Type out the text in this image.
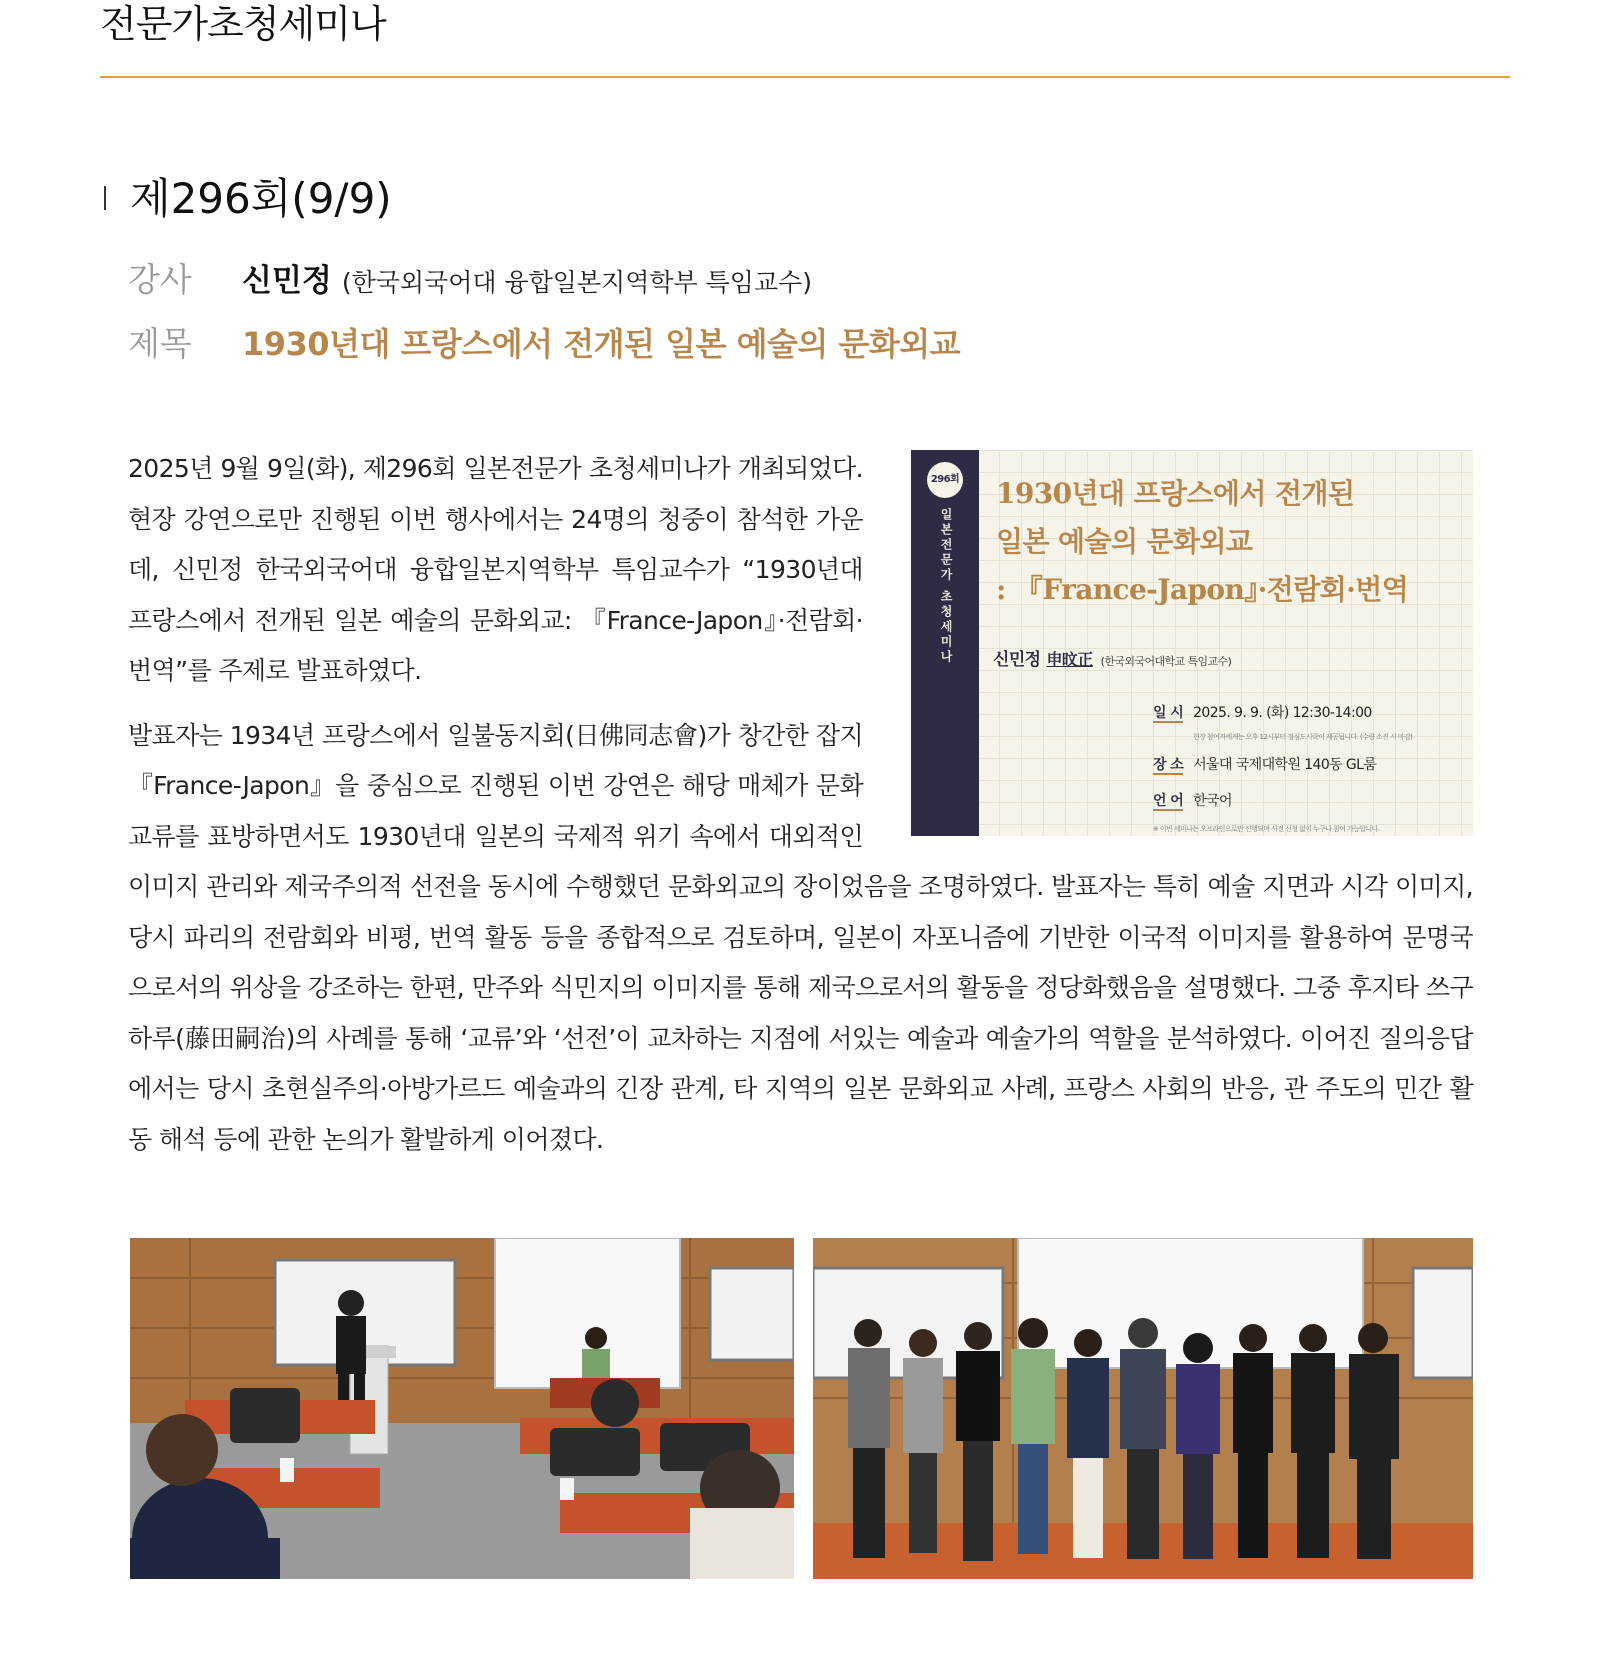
전문가초청세미나
제296회(9/9)
강사	신민정 (한국외국어대 융합일본지역학부 특임교수)
제목	1930년대 프랑스에서 전개된 일본 예술의 문화외교
296회
일본전문가 초청세미나
1930년대 프랑스에서 전개된
일본 예술의 문화외교
: 『France-Japon』·전람회·번역
신민정 申旼正 (한국외국어대학교 특임교수)
일 시 2025. 9. 9. (화) 12:30-14:00
현장 참여자에게는 오후 12시부터 점심도시락이 제공됩니다. (수량 소진 시 마감)
장 소 서울대 국제대학원 140동 GL룸
언 어 한국어
※ 이번 세미나는 오프라인으로만 진행되며 사전 신청 없이 누구나 참여 가능합니다.

2025년 9월 9일(화), 제296회 일본전문가 초청세미나가 개최되었다. 현장 강연으로만 진행된 이번 행사에서는 24명의 청중이 참석한 가운데, 신민정 한국외국어대 융합일본지역학부 특임교수가 “1930년대 프랑스에서 전개된 일본 예술의 문화외교: 『France-Japon』·전람회·번역”를 주제로 발표하였다.

발표자는 1934년 프랑스에서 일불동지회(日佛同志會)가 창간한 잡지 『France-Japon』을 중심으로 진행된 이번 강연은 해당 매체가 문화교류를 표방하면서도 1930년대 일본의 국제적 위기 속에서 대외적인 이미지 관리와 제국주의적 선전을 동시에 수행했던 문화외교의 장이었음을 조명하였다. 발표자는 특히 예술 지면과 시각 이미지, 당시 파리의 전람회와 비평, 번역 활동 등을 종합적으로 검토하며, 일본이 자포니즘에 기반한 이국적 이미지를 활용하여 문명국으로서의 위상을 강조하는 한편, 만주와 식민지의 이미지를 통해 제국으로서의 활동을 정당화했음을 설명했다. 그중 후지타 쓰구하루(藤田嗣治)의 사례를 통해 ‘교류’와 ‘선전’이 교차하는 지점에 서있는 예술과 예술가의 역할을 분석하였다. 이어진 질의응답에서는 당시 초현실주의·아방가르드 예술과의 긴장 관계, 타 지역의 일본 문화외교 사례, 프랑스 사회의 반응, 관 주도의 민간 활동 해석 등에 관한 논의가 활발하게 이어졌다.
